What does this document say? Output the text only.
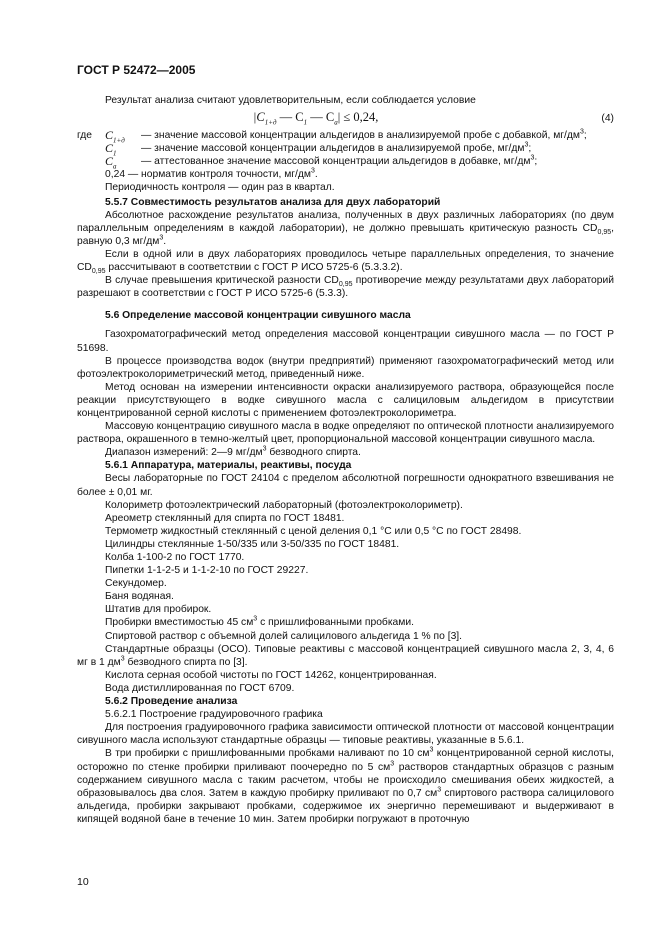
ГОСТ Р 52472—2005

Результат анализа считают удовлетворительным, если соблюдается условие

$|C_{1+д}$ — $C_1$ — $C_а| \le 0,24$,	(4)
где	$C_{1+д}$	— значение массовой концентрации альдегидов в анализируемой пробе с добавкой, $мг/дм^3$;
$C_1$	— значение массовой концентрации альдегидов в анализируемой пробе, $мг/дм^3$;
$C_а$	— аттестованное значение массовой концентрации альдегидов в добавке, $мг/дм^3$;

0,24 — норматив контроля точности, $мг/дм^3$.

Периодичность контроля — один раз в квартал.

5.5.7 Совместимость результатов анализа для двух лабораторий

Абсолютное расхождение результатов анализа, полученных в двух различных лабораториях (по двум параллельным определениям в каждой лаборатории), не должно превышать критическую разность $CD_{0,95}$, равную 0,3 $мг/дм^3$.

Если в одной или в двух лабораториях проводилось четыре параллельных определения, то значение $CD_{0,95}$ рассчитывают в соответствии с ГОСТ Р ИСО 5725-6 (5.3.3.2).

В случае превышения критической разности $CD_{0,95}$ противоречие между результатами двух лабораторий разрешают в соответствии с ГОСТ Р ИСО 5725-6 (5.3.3).

5.6 Определение массовой концентрации сивушного масла

Газохроматографический метод определения массовой концентрации сивушного масла — по ГОСТ Р 51698.

В процессе производства водок (внутри предприятий) применяют газохроматографический метод или фотоэлектроколориметрический метод, приведенный ниже.

Метод основан на измерении интенсивности окраски анализируемого раствора, образующейся после реакции присутствующего в водке сивушного масла с салициловым альдегидом в присутствии концентрированной серной кислоты с применением фотоэлектроколориметра.

Массовую концентрацию сивушного масла в водке определяют по оптической плотности анализируемого раствора, окрашенного в темно-желтый цвет, пропорциональной массовой концентрации сивушного масла.

Диапазон измерений: 2—9 $мг/дм^3$ безводного спирта.

5.6.1 Аппаратура, материалы, реактивы, посуда

Весы лабораторные по ГОСТ 24104 с пределом абсолютной погрешности однократного взвешивания не более ± 0,01 мг.

Колориметр фотоэлектрический лабораторный (фотоэлектроколориметр).

Ареометр стеклянный для спирта по ГОСТ 18481.

Термометр жидкостный стеклянный с ценой деления 0,1 °С или 0,5 °С по ГОСТ 28498.

Цилиндры стеклянные 1-50/335 или 3-50/335 по ГОСТ 18481.

Колба 1-100-2 по ГОСТ 1770.

Пипетки 1-1-2-5 и 1-1-2-10 по ГОСТ 29227.

Секундомер.

Баня водяная.

Штатив для пробирок.

Пробирки вместимостью 45 $см^3$ с пришлифованными пробками.

Спиртовой раствор с объемной долей салицилового альдегида 1 % по [3].

Стандартные образцы (ОСО). Типовые реактивы с массовой концентрацией сивушного масла 2, 3, 4, 6 мг в 1 $дм^3$ безводного спирта по [3].

Кислота серная особой чистоты по ГОСТ 14262, концентрированная.

Вода дистиллированная по ГОСТ 6709.

5.6.2 Проведение анализа

5.6.2.1 Построение градуировочного графика

Для построения градуировочного графика зависимости оптической плотности от массовой концентрации сивушного масла используют стандартные образцы — типовые реактивы, указанные в 5.6.1.

В три пробирки с пришлифованными пробками наливают по 10 $см^3$ концентрированной серной кислоты, осторожно по стенке пробирки приливают поочередно по 5 $см^3$ растворов стандартных образцов с разным содержанием сивушного масла с таким расчетом, чтобы не происходило смешивания обеих жидкостей, а образовывалось два слоя. Затем в каждую пробирку приливают по 0,7 $см^3$ спиртового раствора салицилового альдегида, пробирки закрывают пробками, содержимое их энергично перемешивают и выдерживают в кипящей водяной бане в течение 10 мин. Затем пробирки погружают в проточную

10
